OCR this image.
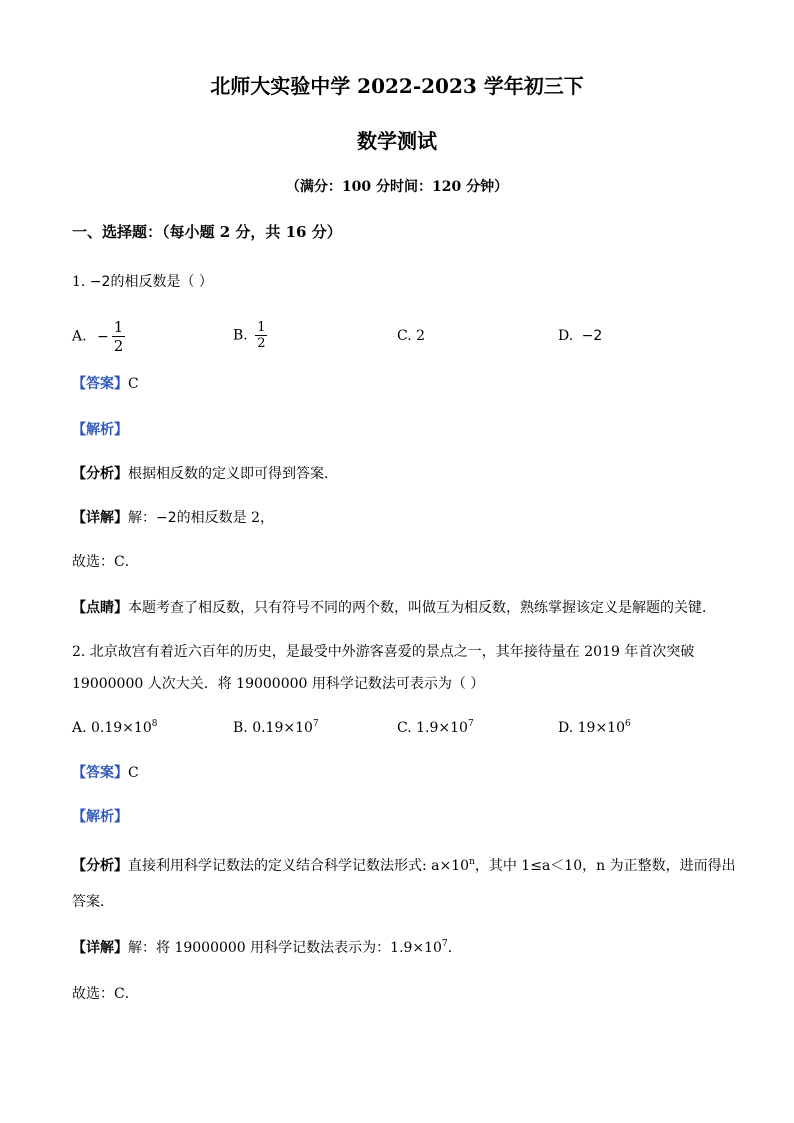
北师大实验中学 2022-2023 学年初三下
数学测试
（满分：100 分时间：120 分钟）
一、选择题：（每小题 2 分，共 16 分）
1. −2的相反数是（ ）
A. − $\frac{1}{2}$	B. $\frac{1}{2}$	C. 2	D. −2
【答案】C
【解析】
【分析】根据相反数的定义即可得到答案．
【详解】解：−2的相反数是 2，
故选：C．
【点睛】本题考查了相反数，只有符号不同的两个数，叫做互为相反数，熟练掌握该定义是解题的关键．
2. 北京故宫有着近六百年的历史，是最受中外游客喜爱的景点之一，其年接待量在 2019 年首次突破
19000000 人次大关．将 19000000 用科学记数法可表示为（ ）
A. $0.19\times 10^8$	B. $0.19\times 10^7$	C. $1.9\times 10^7$	D. $19\times 10^6$
【答案】C
【解析】
【分析】直接利用科学记数法的定义结合科学记数法形式: $a\times 10^n$，其中 1≤a＜10，n 为正整数，进而得出
答案．
【详解】解：将 19000000 用科学记数法表示为：$1.9\times 10^7$．
故选：C．
